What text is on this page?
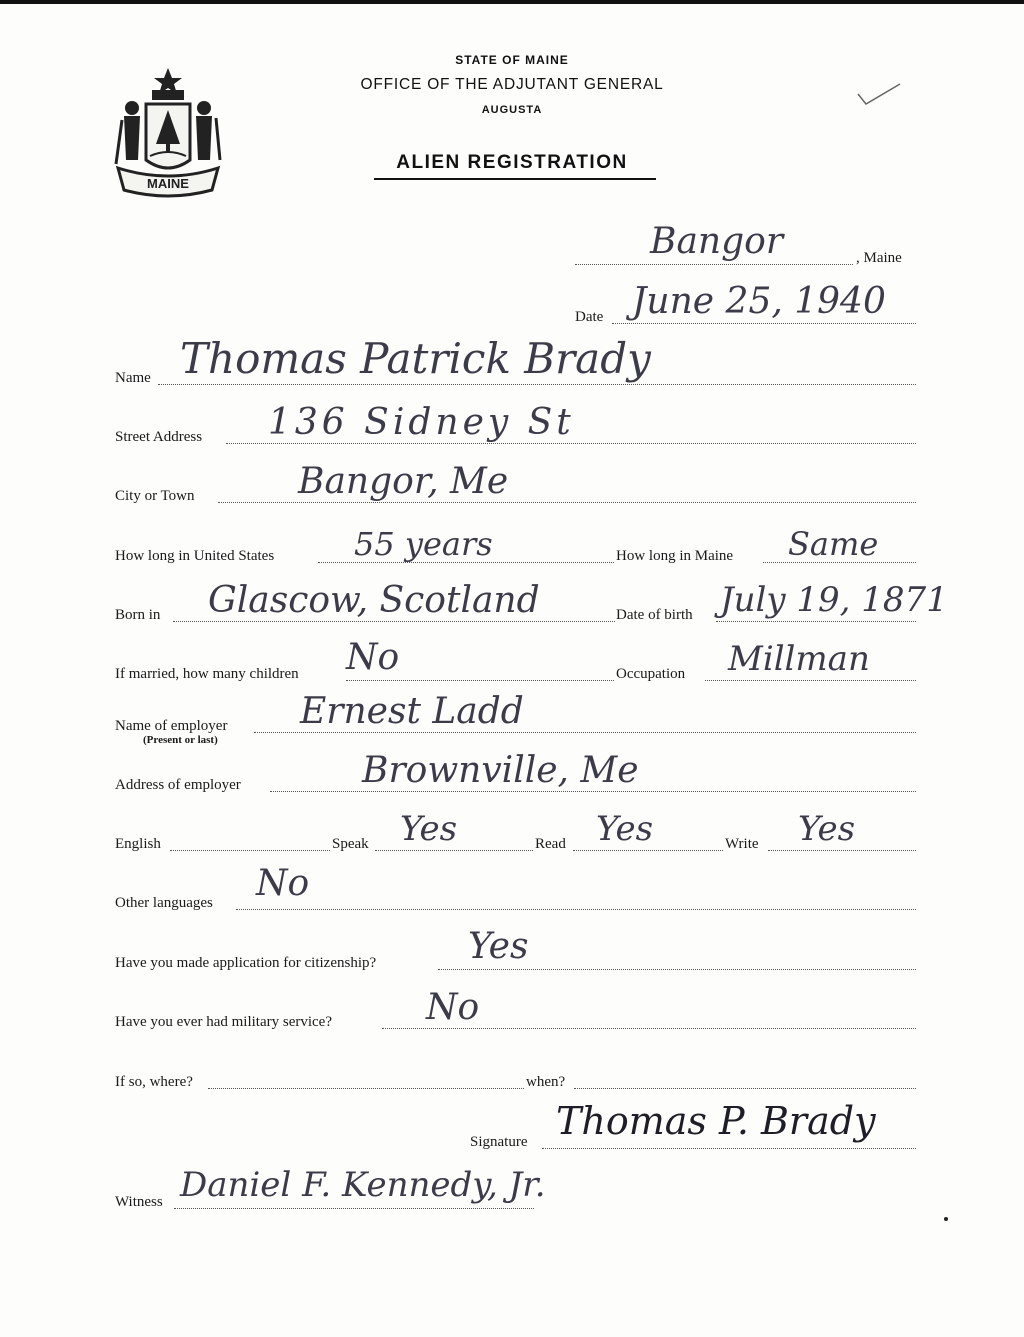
MAINE
STATE OF MAINE
OFFICE OF THE ADJUTANT GENERAL
AUGUSTA
ALIEN REGISTRATION
Bangor	, Maine
Date June 25, 1940
Name Thomas Patrick Brady
Street Address 136 Sidney St
City or Town	Bangor, Me
How long in United States 55 years	How long in Maine Same
Born in Glascow, Scotland	Date of birth July 19, 1871
If married, how many children No	Occupation Millman
Name of employer
(Present or last)
Ernest Ladd
Address of employer	Brownville, Me
English	Speak Yes	Read Yes	Write Yes
Other languages No
Have you made application for citizenship?	Yes
Have you ever had military service?	No
If so, where?	when?
Signature Thomas P. Brady
Witness Daniel F. Kennedy, Jr.
